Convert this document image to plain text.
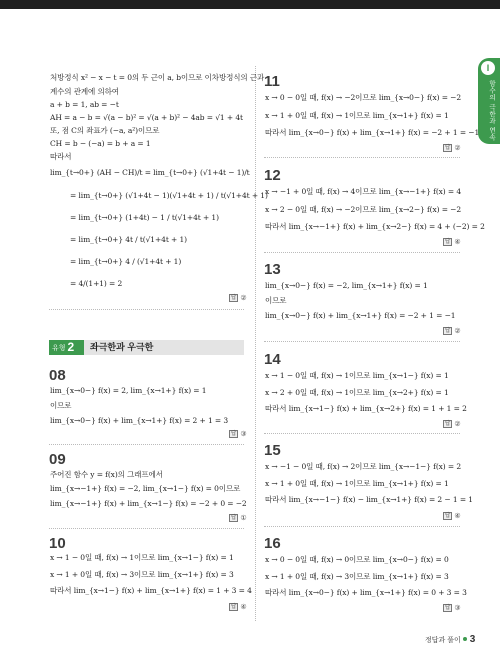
I
함수의 극한과 연속
처방정식 x² − x − t = 0의 두 근이 a, b이므로 이차방정식의 근과
계수의 관계에 의하여
a + b = 1, ab = −t
AH = a − b = √(a − b)² = √(a + b)² − 4ab = √1 + 4t
또, 점 C의 좌표가 (−a, a²)이므로
CH = b − (−a) = b + a = 1
따라서
lim_{t→0+} (AH − CH)/t = lim_{t→0+} (√1+4t − 1)/t
= lim_{t→0+} (√1+4t − 1)(√1+4t + 1) / t(√1+4t + 1)
= lim_{t→0+} (1+4t) − 1 / t(√1+4t + 1)
= lim_{t→0+} 4t / t(√1+4t + 1)
= lim_{t→0+} 4 / (√1+4t + 1)
= 4/(1+1) = 2
답 ②
유형 2	좌극한과 우극한
08
lim_{x→0−} f(x) = 2, lim_{x→1+} f(x) = 1
이므로
lim_{x→0−} f(x) + lim_{x→1+} f(x) = 2 + 1 = 3
답 ③
09
주어진 함수 y = f(x)의 그래프에서
lim_{x→−1+} f(x) = −2, lim_{x→1−} f(x) = 0이므로
lim_{x→−1+} f(x) + lim_{x→1−} f(x) = −2 + 0 = −2
답 ①
10
x → 1 − 0일 때, f(x) → 1이므로 lim_{x→1−} f(x) = 1
x → 1 + 0일 때, f(x) → 3이므로 lim_{x→1+} f(x) = 3
따라서 lim_{x→1−} f(x) + lim_{x→1+} f(x) = 1 + 3 = 4
답 ④
11
x → 0 − 0일 때, f(x) → −2이므로 lim_{x→0−} f(x) = −2
x → 1 + 0일 때, f(x) → 1이므로 lim_{x→1+} f(x) = 1
따라서 lim_{x→0−} f(x) + lim_{x→1+} f(x) = −2 + 1 = −1
답 ②
12
x → −1 + 0일 때, f(x) → 4이므로 lim_{x→−1+} f(x) = 4
x → 2 − 0일 때, f(x) → −2이므로 lim_{x→2−} f(x) = −2
따라서 lim_{x→−1+} f(x) + lim_{x→2−} f(x) = 4 + (−2) = 2
답 ④
13
lim_{x→0−} f(x) = −2, lim_{x→1+} f(x) = 1
이므로
lim_{x→0−} f(x) + lim_{x→1+} f(x) = −2 + 1 = −1
답 ②
14
x → 1 − 0일 때, f(x) → 1이므로 lim_{x→1−} f(x) = 1
x → 2 + 0일 때, f(x) → 1이므로 lim_{x→2+} f(x) = 1
따라서 lim_{x→1−} f(x) + lim_{x→2+} f(x) = 1 + 1 = 2
답 ②
15
x → −1 − 0일 때, f(x) → 2이므로 lim_{x→−1−} f(x) = 2
x → 1 + 0일 때, f(x) → 1이므로 lim_{x→1+} f(x) = 1
따라서 lim_{x→−1−} f(x) − lim_{x→1+} f(x) = 2 − 1 = 1
답 ④
16
x → 0 − 0일 때, f(x) → 0이므로 lim_{x→0−} f(x) = 0
x → 1 + 0일 때, f(x) → 3이므로 lim_{x→1+} f(x) = 3
따라서 lim_{x→0−} f(x) + lim_{x→1+} f(x) = 0 + 3 = 3
답 ③
정답과 풀이 3
